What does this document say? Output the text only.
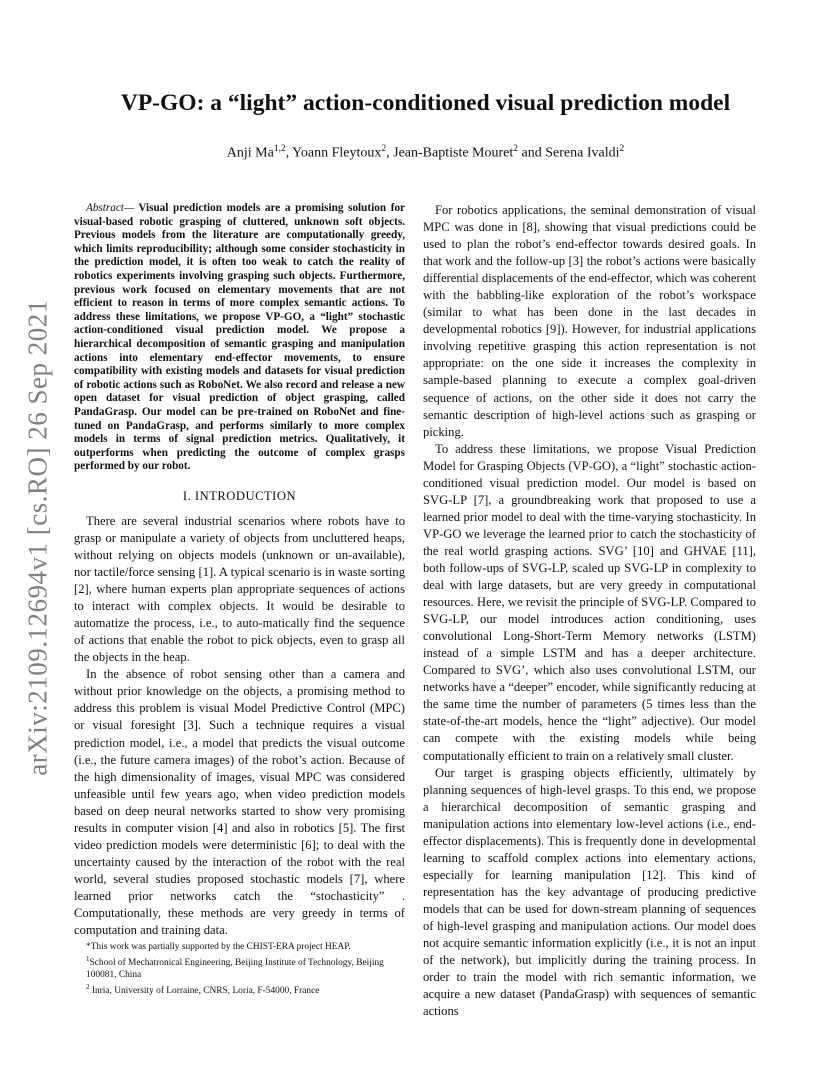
arXiv:2109.12694v1 [cs.RO] 26 Sep 2021
VP-GO: a “light” action-conditioned visual prediction model

Anji Ma$^{1,2}$, Yoann Fleytoux$^2$, Jean-Baptiste Mouret$^2$ and Serena Ivaldi$^2$

Abstract— Visual prediction models are a promising solution for visual-based robotic grasping of cluttered, unknown soft objects. Previous models from the literature are computationally greedy, which limits reproducibility; although some consider stochasticity in the prediction model, it is often too weak to catch the reality of robotics experiments involving grasping such objects. Furthermore, previous work focused on elementary movements that are not efficient to reason in terms of more complex semantic actions. To address these limitations, we propose VP-GO, a “light” stochastic action-conditioned visual prediction model. We propose a hierarchical decomposition of semantic grasping and manipulation actions into elementary end-effector movements, to ensure compatibility with existing models and datasets for visual prediction of robotic actions such as RoboNet. We also record and release a new open dataset for visual prediction of object grasping, called PandaGrasp. Our model can be pre-trained on RoboNet and fine-tuned on PandaGrasp, and performs similarly to more complex models in terms of signal prediction metrics. Qualitatively, it outperforms when predicting the outcome of complex grasps performed by our robot.

I. INTRODUCTION

There are several industrial scenarios where robots have to grasp or manipulate a variety of objects from uncluttered heaps, without relying on objects models (unknown or un-available), nor tactile/force sensing [1]. A typical scenario is in waste sorting [2], where human experts plan appropriate sequences of actions to interact with complex objects. It would be desirable to automatize the process, i.e., to auto-matically find the sequence of actions that enable the robot to pick objects, even to grasp all the objects in the heap.

In the absence of robot sensing other than a camera and without prior knowledge on the objects, a promising method to address this problem is visual Model Predictive Control (MPC) or visual foresight [3]. Such a technique requires a visual prediction model, i.e., a model that predicts the visual outcome (i.e., the future camera images) of the robot’s action. Because of the high dimensionality of images, visual MPC was considered unfeasible until few years ago, when video prediction models based on deep neural networks started to show very promising results in computer vision [4] and also in robotics [5]. The first video prediction models were deterministic [6]; to deal with the uncertainty caused by the interaction of the robot with the real world, several studies proposed stochastic models [7], where learned prior networks catch the “stochasticity” . Computationally, these methods are very greedy in terms of computation and training data.

*This work was partially supported by the CHIST-ERA project HEAP.

$^1$School of Mechatronical Engineering, Beijing Institute of Technology, Beijing 100081, China

$^2$ Inria, University of Lorraine, CNRS, Loria, F-54000, France

For robotics applications, the seminal demonstration of visual MPC was done in [8], showing that visual predictions could be used to plan the robot’s end-effector towards desired goals. In that work and the follow-up [3] the robot’s actions were basically differential displacements of the end-effector, which was coherent with the babbling-like exploration of the robot’s workspace (similar to what has been done in the last decades in developmental robotics [9]). However, for industrial applications involving repetitive grasping this action representation is not appropriate: on the one side it increases the complexity in sample-based planning to execute a complex goal-driven sequence of actions, on the other side it does not carry the semantic description of high-level actions such as grasping or picking.

To address these limitations, we propose Visual Prediction Model for Grasping Objects (VP-GO), a “light” stochastic action-conditioned visual prediction model. Our model is based on SVG-LP [7], a groundbreaking work that proposed to use a learned prior model to deal with the time-varying stochasticity. In VP-GO we leverage the learned prior to catch the stochasticity of the real world grasping actions. SVG’ [10] and GHVAE [11], both follow-ups of SVG-LP, scaled up SVG-LP in complexity to deal with large datasets, but are very greedy in computational resources. Here, we revisit the principle of SVG-LP. Compared to SVG-LP, our model introduces action conditioning, uses convolutional Long-Short-Term Memory networks (LSTM) instead of a simple LSTM and has a deeper architecture. Compared to SVG’, which also uses convolutional LSTM, our networks have a “deeper” encoder, while significantly reducing at the same time the number of parameters (5 times less than the state-of-the-art models, hence the “light” adjective). Our model can compete with the existing models while being computationally efficient to train on a relatively small cluster.

Our target is grasping objects efficiently, ultimately by planning sequences of high-level grasps. To this end, we propose a hierarchical decomposition of semantic grasping and manipulation actions into elementary low-level actions (i.e., end-effector displacements). This is frequently done in developmental learning to scaffold complex actions into elementary actions, especially for learning manipulation [12]. This kind of representation has the key advantage of producing predictive models that can be used for down-stream planning of sequences of high-level grasping and manipulation actions. Our model does not acquire semantic information explicitly (i.e., it is not an input of the network), but implicitly during the training process. In order to train the model with rich semantic information, we acquire a new dataset (PandaGrasp) with sequences of semantic actions
